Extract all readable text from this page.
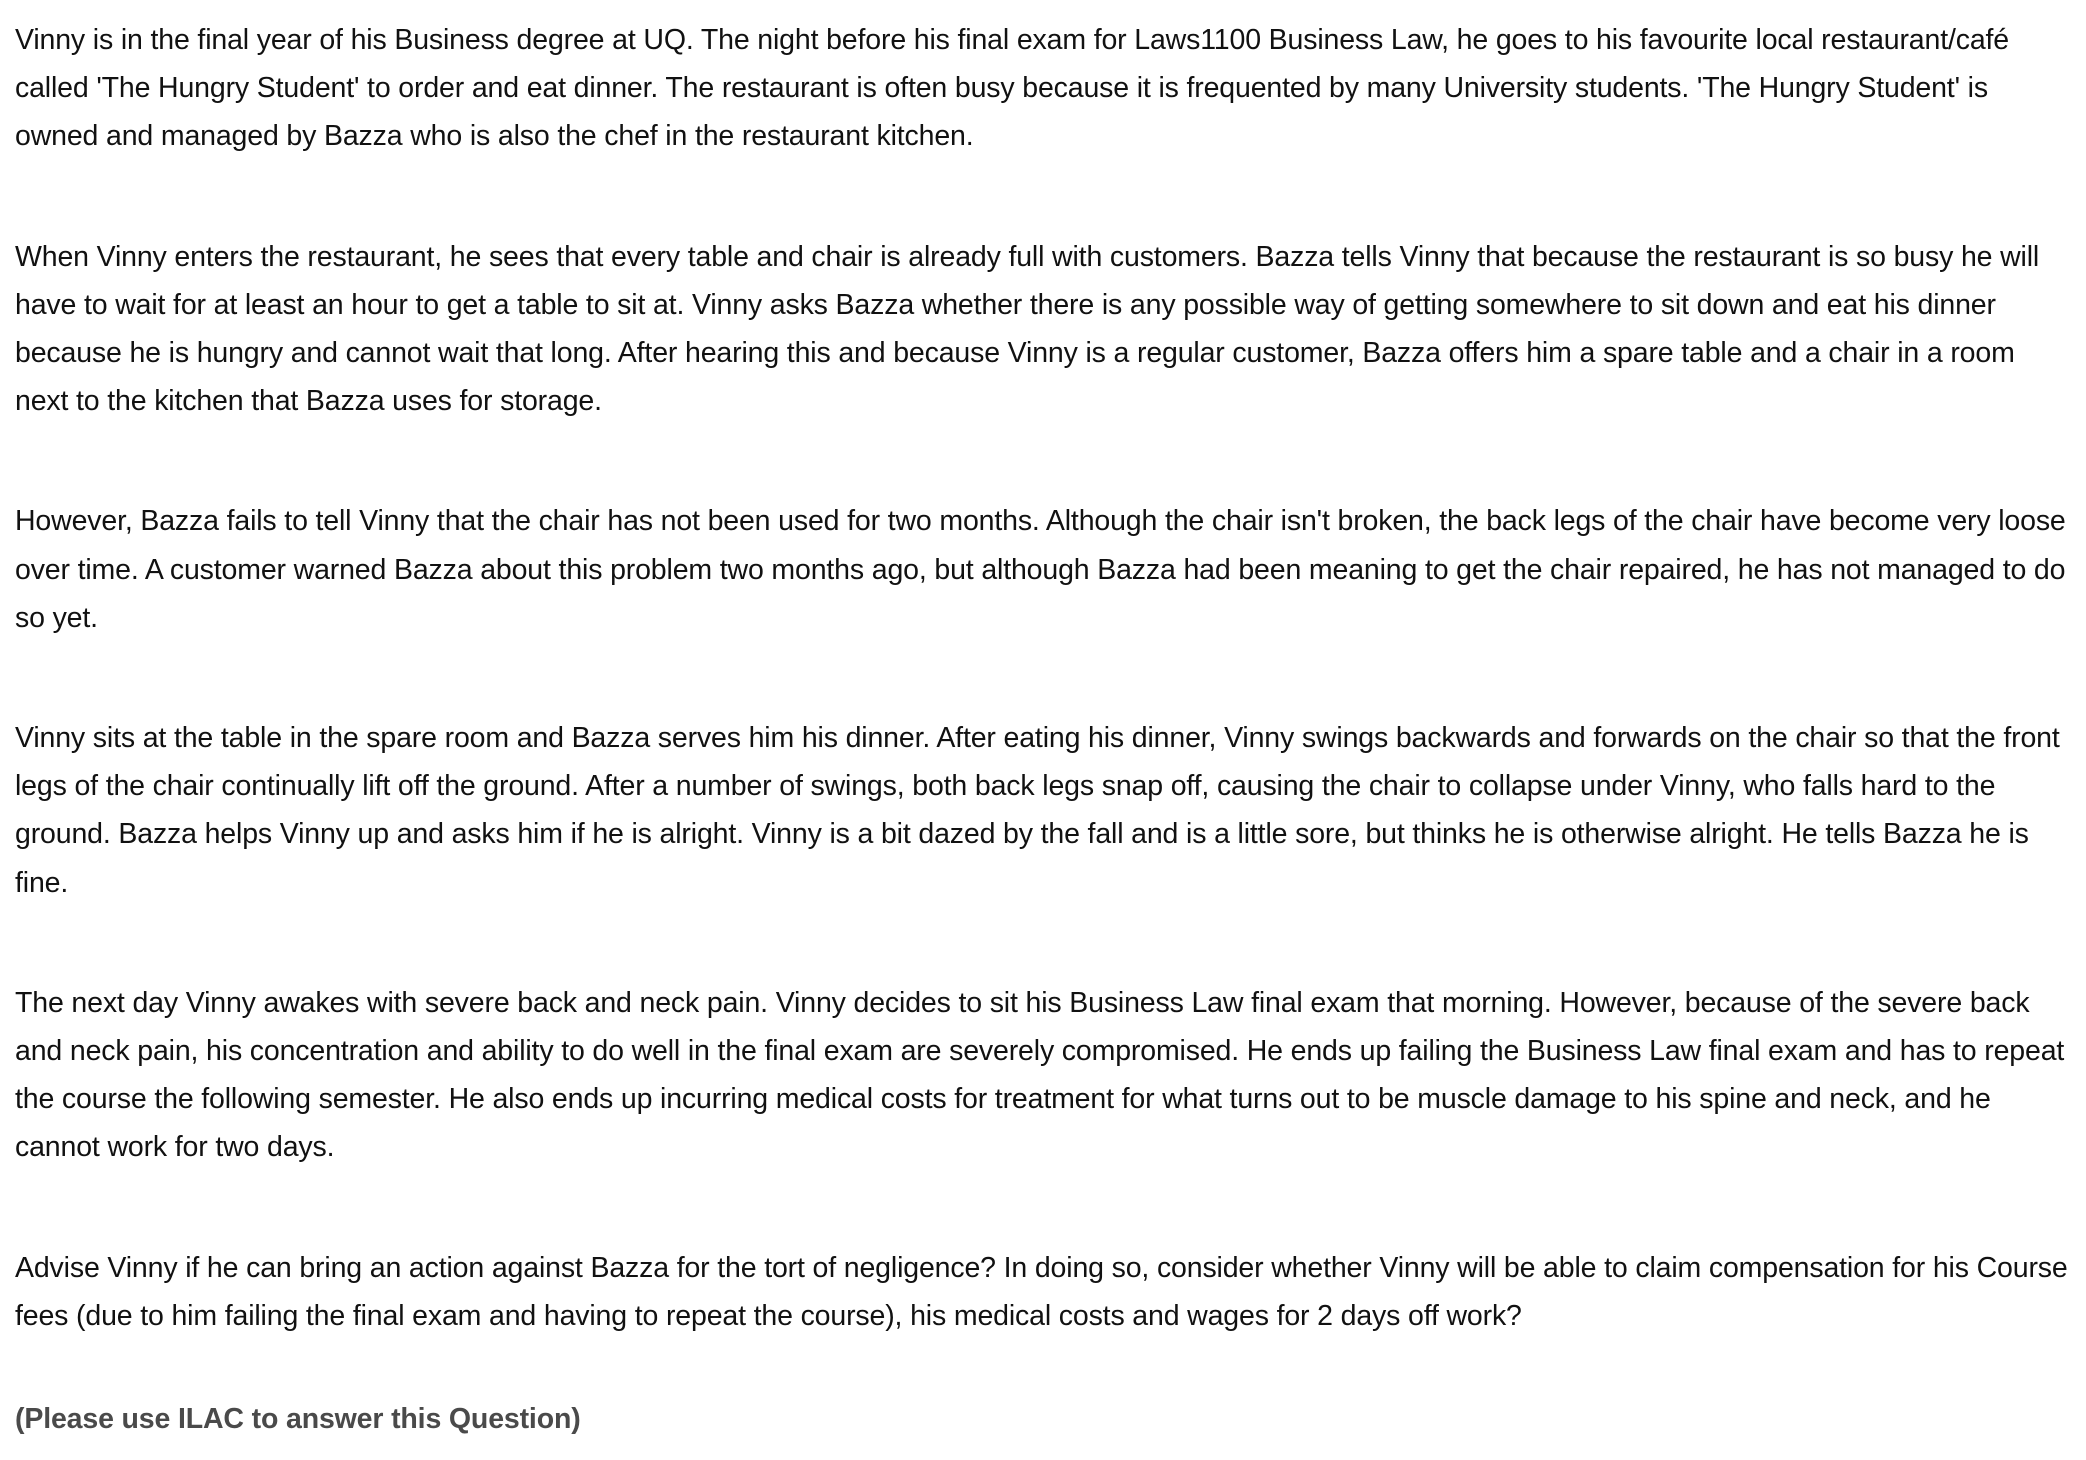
Vinny is in the final year of his Business degree at UQ. The night before his final exam for Laws1100 Business Law, he goes to his favourite local restaurant/café called 'The Hungry Student' to order and eat dinner. The restaurant is often busy because it is frequented by many University students. 'The Hungry Student' is owned and managed by Bazza who is also the chef in the restaurant kitchen.

When Vinny enters the restaurant, he sees that every table and chair is already full with customers. Bazza tells Vinny that because the restaurant is so busy he will have to wait for at least an hour to get a table to sit at. Vinny asks Bazza whether there is any possible way of getting somewhere to sit down and eat his dinner because he is hungry and cannot wait that long. After hearing this and because Vinny is a regular customer, Bazza offers him a spare table and a chair in a room next to the kitchen that Bazza uses for storage.

However, Bazza fails to tell Vinny that the chair has not been used for two months. Although the chair isn't broken, the back legs of the chair have become very loose over time. A customer warned Bazza about this problem two months ago, but although Bazza had been meaning to get the chair repaired, he has not managed to do so yet.

Vinny sits at the table in the spare room and Bazza serves him his dinner. After eating his dinner, Vinny swings backwards and forwards on the chair so that the front legs of the chair continually lift off the ground. After a number of swings, both back legs snap off, causing the chair to collapse under Vinny, who falls hard to the ground. Bazza helps Vinny up and asks him if he is alright. Vinny is a bit dazed by the fall and is a little sore, but thinks he is otherwise alright. He tells Bazza he is fine.

The next day Vinny awakes with severe back and neck pain. Vinny decides to sit his Business Law final exam that morning. However, because of the severe back and neck pain, his concentration and ability to do well in the final exam are severely compromised. He ends up failing the Business Law final exam and has to repeat the course the following semester. He also ends up incurring medical costs for treatment for what turns out to be muscle damage to his spine and neck, and he cannot work for two days.

Advise Vinny if he can bring an action against Bazza for the tort of negligence? In doing so, consider whether Vinny will be able to claim compensation for his Course fees (due to him failing the final exam and having to repeat the course), his medical costs and wages for 2 days off work?

(Please use ILAC to answer this Question)
